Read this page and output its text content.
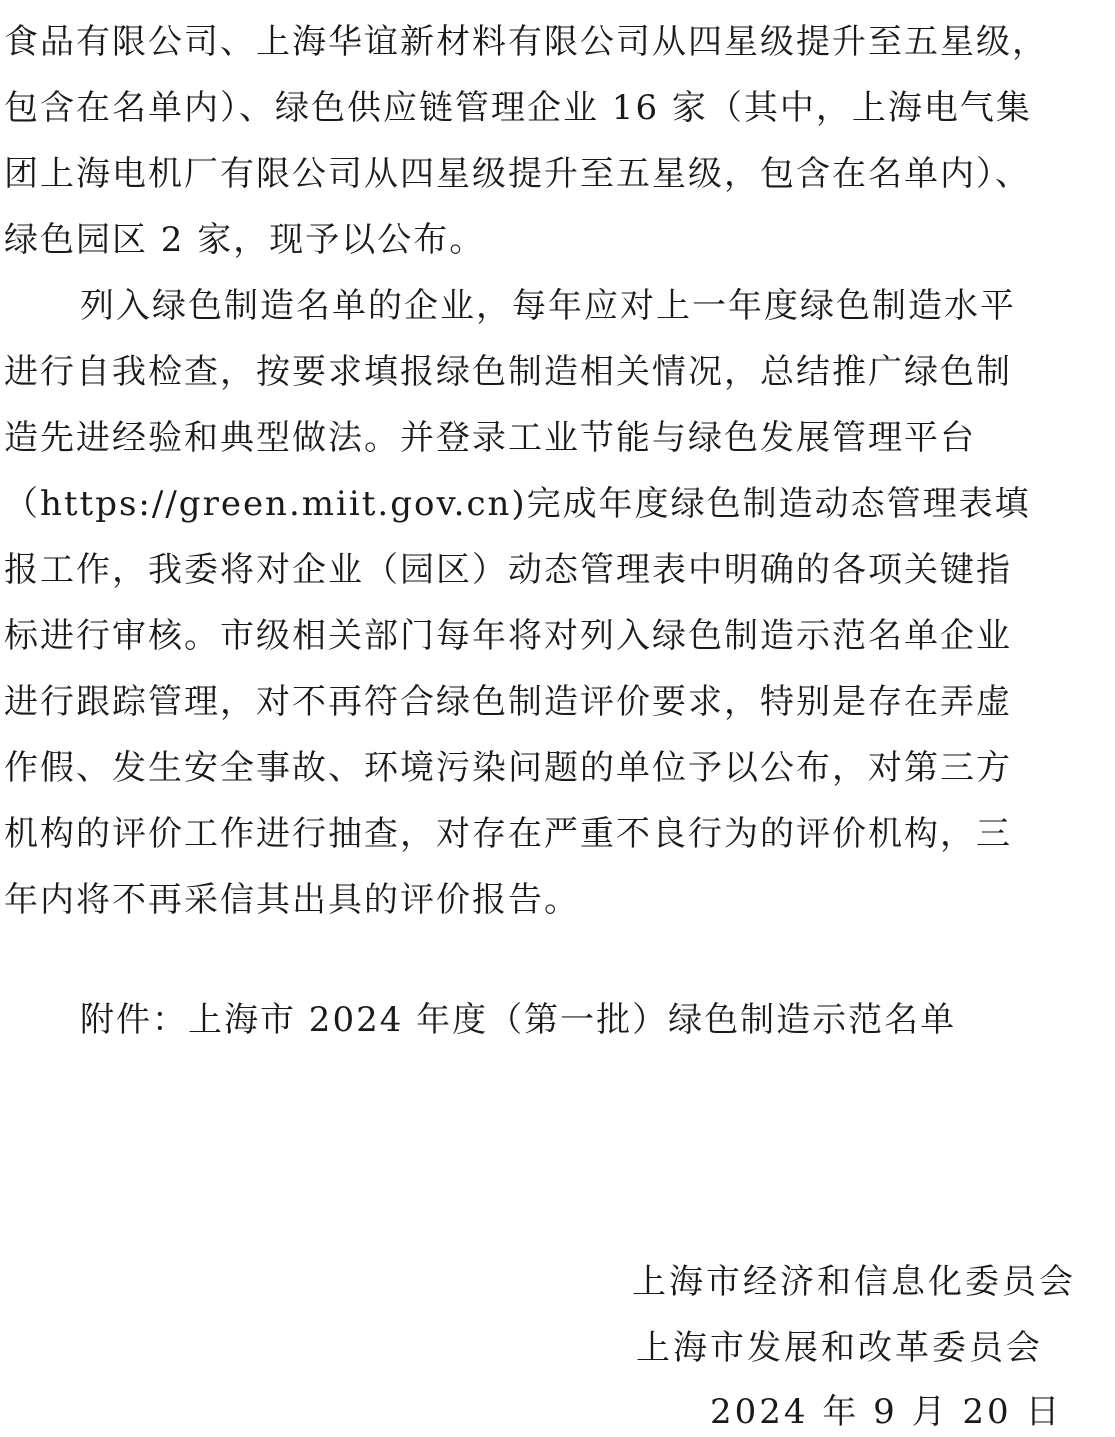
食品有限公司、上海华谊新材料有限公司从四星级提升至五星级，
包含在名单内）、绿色供应链管理企业 16 家（其中，上海电气集
团上海电机厂有限公司从四星级提升至五星级，包含在名单内）、
绿色园区 2 家，现予以公布。
列入绿色制造名单的企业，每年应对上一年度绿色制造水平
进行自我检查，按要求填报绿色制造相关情况，总结推广绿色制
造先进经验和典型做法。并登录工业节能与绿色发展管理平台
（https://green.miit.gov.cn)完成年度绿色制造动态管理表填
报工作，我委将对企业（园区）动态管理表中明确的各项关键指
标进行审核。市级相关部门每年将对列入绿色制造示范名单企业
进行跟踪管理，对不再符合绿色制造评价要求，特别是存在弄虚
作假、发生安全事故、环境污染问题的单位予以公布，对第三方
机构的评价工作进行抽查，对存在严重不良行为的评价机构，三
年内将不再采信其出具的评价报告。
附件：上海市 2024 年度（第一批）绿色制造示范名单
上海市经济和信息化委员会
上海市发展和改革委员会
2024 年 9 月 20 日
